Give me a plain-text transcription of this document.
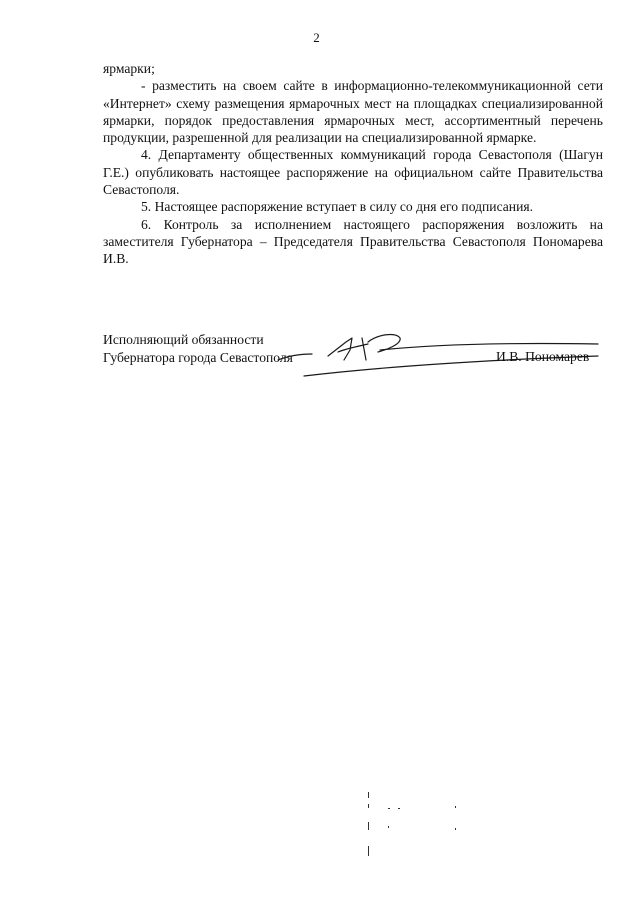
2

ярмарки;

- разместить на своем сайте в информационно-телекоммуникационной сети «Интернет» схему размещения ярмарочных мест на площадках специализированной ярмарки, порядок предоставления ярмарочных мест, ассортиментный перечень продукции, разрешенной для реализации на специализированной ярмарке.

4. Департаменту общественных коммуникаций города Севастополя (Шагун Г.Е.) опубликовать настоящее распоряжение на официальном сайте Правительства Севастополя.

5. Настоящее распоряжение вступает в силу со дня его подписания.

6. Контроль за исполнением настоящего распоряжения возложить на заместителя Губернатора – Председателя Правительства Севастополя Пономарева И.В.

Исполняющий обязанности
Губернатора города Севастополя	И.В. Пономарев
